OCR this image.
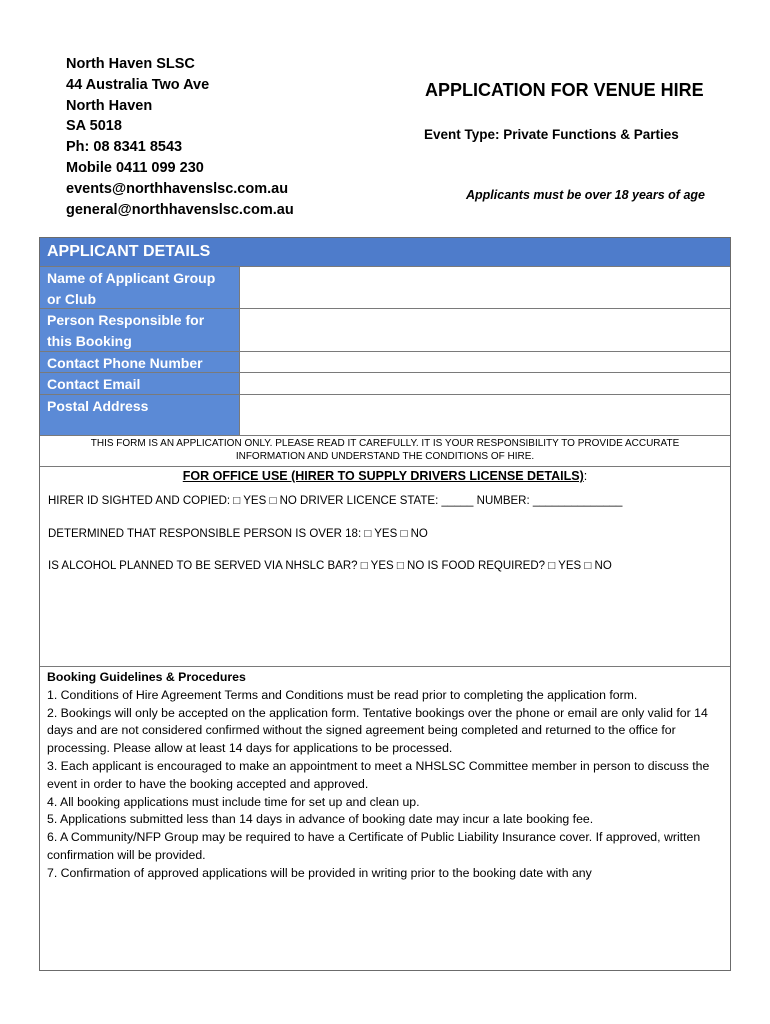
North Haven SLSC
44 Australia Two Ave
North Haven
SA 5018
Ph: 08 8341 8543
Mobile 0411 099 230
events@northhavenslsc.com.au
general@northhavenslsc.com.au
APPLICATION FOR VENUE HIRE
Event Type: Private Functions & Parties
Applicants must be over 18 years of age
APPLICANT DETAILS
Name of Applicant Group or Club
Person Responsible for this Booking
Contact Phone Number
Contact Email
Postal Address
THIS FORM IS AN APPLICATION ONLY. PLEASE READ IT CAREFULLY. IT IS YOUR RESPONSIBILITY TO PROVIDE ACCURATE INFORMATION AND UNDERSTAND THE CONDITIONS OF HIRE.
FOR OFFICE USE (HIRER TO SUPPLY DRIVERS LICENSE DETAILS):
HIRER ID SIGHTED AND COPIED: □ YES □ NO DRIVER LICENCE STATE: _____ NUMBER: ______________
DETERMINED THAT RESPONSIBLE PERSON IS OVER 18: □ YES □ NO
IS ALCOHOL PLANNED TO BE SERVED VIA NHSLC BAR? □ YES □ NO IS FOOD REQUIRED? □ YES □ NO
Booking Guidelines & Procedures
1. Conditions of Hire Agreement Terms and Conditions must be read prior to completing the application form.
2. Bookings will only be accepted on the application form. Tentative bookings over the phone or email are only valid for 14 days and are not considered confirmed without the signed agreement being completed and returned to the office for processing. Please allow at least 14 days for applications to be processed.
3. Each applicant is encouraged to make an appointment to meet a NHSLSC Committee member in person to discuss the event in order to have the booking accepted and approved.
4. All booking applications must include time for set up and clean up.
5. Applications submitted less than 14 days in advance of booking date may incur a late booking fee.
6. A Community/NFP Group may be required to have a Certificate of Public Liability Insurance cover. If approved, written confirmation will be provided.
7. Confirmation of approved applications will be provided in writing prior to the booking date with any
